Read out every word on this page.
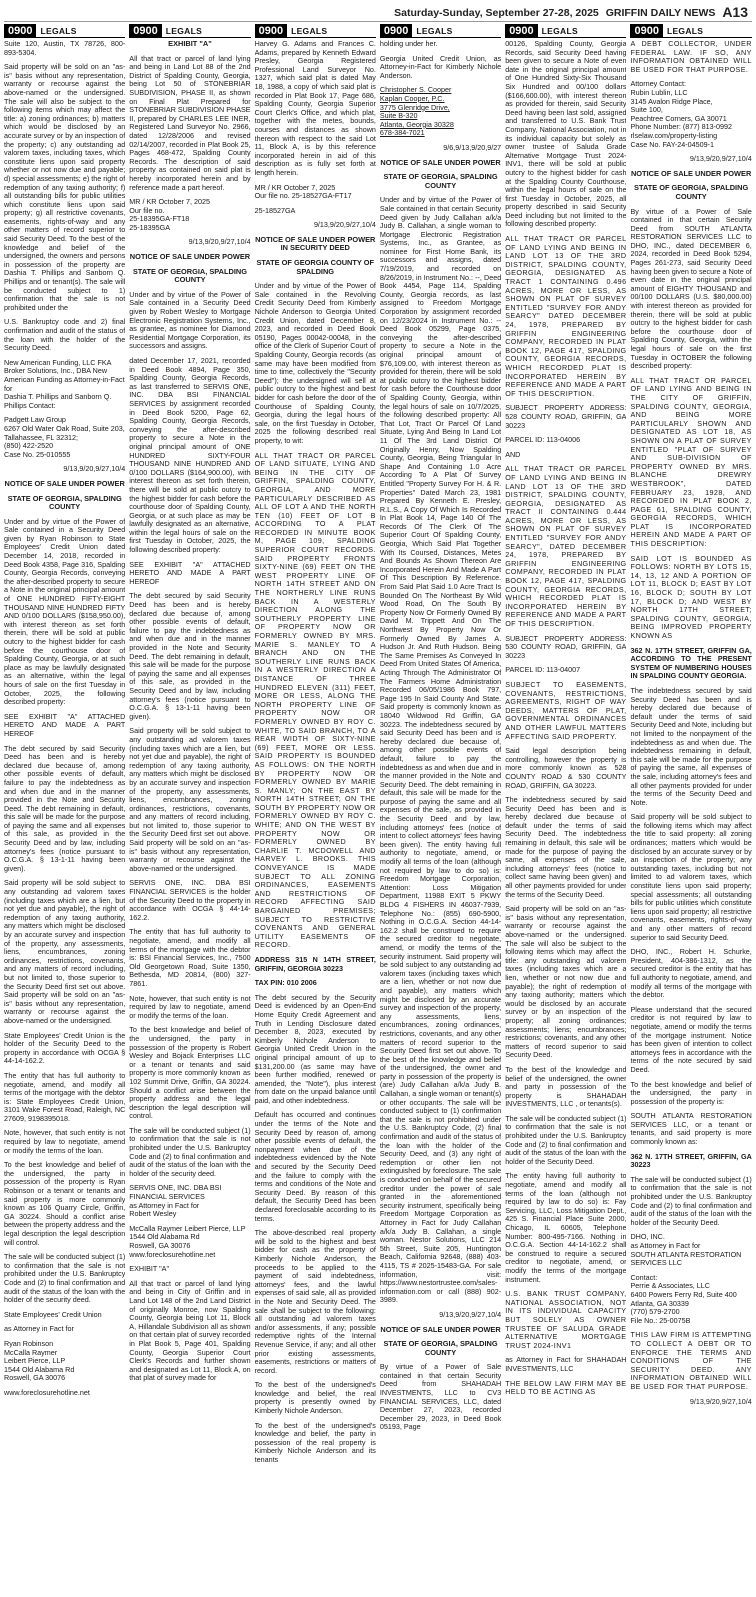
Saturday-Sunday, September 27-28, 2025 GRIFFIN DAILY NEWS A13
0900 LEGALS

Suite 120, Austin, TX 78726, 800-893-5304.

Said property will be sold on an "as-is" basis without any representation, warranty or recourse against the above-named or the undersigned. The sale will also be subject to the following items which may affect the title: a) zoning ordinances; b) matters which would be disclosed by an accurate survey or by an inspection of the property; c) any outstanding ad valorem taxes, including taxes, which constitute liens upon said property whether or not now due and payable; d) special assessments; e) the right of redemption of any taxing authority; f) all outstanding bills for public utilities which constitute liens upon said property; g) all restrictive covenants, easements, rights-of-way and any other matters of record superior to said Security Deed. To the best of the knowledge and belief of the undersigned, the owners and persons in possession of the property are Dashia T. Phillips and Sanborn Q. Phillips and or tenant(s). The sale will be conducted subject to 1) confirmation that the sale is not prohibited under the

U.S. Bankruptcy code and 2) final confirmation and audit of the status of the loan with the holder of the Security Deed.

New American Funding, LLC FKA Broker Solutions, Inc., DBA New American Funding as Attorney-in-Fact for
Dashia T. Phillips and Sanborn Q. Phillips Contact:

Padgett Law Group
6267 Old Water Oak Road, Suite 203,
Tallahassee, FL 32312;
(850) 422-2520
Case No. 25-010555

9/13,9/20,9/27,10/4

NOTICE OF SALE UNDER POWER

STATE OF GEORGIA, SPALDING COUNTY

Under and by virtue of the Power of Sale contained in a Security Deed given by Ryan Robinson to State Employees' Credit Union dated December 14, 2018, recorded in Deed Book 4358, Page 316, Spalding County, Georgia Records, conveying the after-described property to secure a Note in the original principal amount of ONE HUNDRED FIFTY-EIGHT THOUSAND NINE HUNDRED FIFTY AND 0/100 DOLLARS ($158,950.00), with interest thereon as set forth therein, there will be sold at public outcry to the highest bidder for cash before the courthouse door of Spalding County, Georgia, or at such place as may be lawfully designated as an alternative, within the legal hours of sale on the first Tuesday in October, 2025, the following described property:

SEE EXHIBIT "A" ATTACHED HERETO AND MADE A PART HEREOF

The debt secured by said Security Deed has been and is hereby declared due because of, among other possible events of default, failure to pay the indebtedness as and when due and in the manner provided in the Note and Security Deed. The debt remaining in default, this sale will be made for the purpose of paying the same and all expenses of this sale, as provided in the Security Deed and by law, including attorney's fees (notice pursuant to O.C.G.A. § 13-1-11 having been given).

Said property will be sold subject to any outstanding ad valorem taxes (including taxes which are a lien, but not yet due and payable), the right of redemption of any taxing authority, any matters which might be disclosed by an accurate survey and inspection of the property, any assessments, liens, encumbrances, zoning ordinances, restrictions, covenants, and any matters of record including, but not limited to, those superior to the Security Deed first set out above. Said property will be sold on an "as-is" basis without any representation, warranty or recourse against the above-named or the undersigned.

State Employees' Credit Union is the holder of the Security Deed to the property in accordance with OCGA § 44-14-162.2.

The entity that has full authority to negotiate, amend, and modify all terms of the mortgage with the debtor is: State Employees Credit Union, 3101 Wake Forest Road, Raleigh, NC 27609, 9198395018.

Note, however, that such entity is not required by law to negotiate, amend or modify the terms of the loan.

To the best knowledge and belief of the undersigned, the party in possession of the property is Ryan Robinson or a tenant or tenants and said property is more commonly known as 106 Quarry Circle, Griffin, GA 30224. Should a conflict arise between the property address and the legal description the legal description will control.

The sale will be conducted subject (1) to confirmation that the sale is not prohibited under the U.S. Bankruptcy Code and (2) to final confirmation and audit of the status of the loan with the holder of the security deed.

State Employees' Credit Union

as Attorney in Fact for

Ryan Robinson
McCalla Raymer
Leibert Pierce, LLP
1544 Old Alabama Rd
Roswell, GA 30076

www.foreclosurehotline.net

0900 LEGALS

EXHIBIT "A"

All that tract or parcel of land lying and being in Land Lot 88 of the 2nd District of Spalding County, Georgia, being Lot 50 of STONEBRIAR SUBDIVISION, PHASE II, as shown on Final Plat Prepared for STONEBRIAR SUBDIVISION PHASE II, prepared by CHARLES LEE INER, Registered Land Surveyor No. 2966, dated 12/28/2006 and revised 02/14/2007, recorded in Plat Book 25, Pages 468-472, Spalding County Records. The description of said property as contained on said plat is hereby incorporated herein and by reference made a part hereof.

MR / KR October 7, 2025
Our file no.
25-18395GA-FT18
25-18395GA

9/13,9/20,9/27,10/4

NOTICE OF SALE UNDER POWER

STATE OF GEORGIA, SPALDING COUNTY

Under and by virtue of the Power of Sale contained in a Security Deed given by Robert Wesley to Mortgage Electronic Registration Systems, Inc., as grantee, as nominee for Diamond Residential Mortgage Corporation, its successors and assigns.

dated December 17, 2021, recorded in Deed Book 4894, Page 350, Spalding County, Georgia Records, as last transferred to SERVIS ONE, INC. DBA BSI FINANCIAL SERVICES by assignment recorded in Deed Book 5200, Page 62, Spalding County, Georgia Records, conveying the after-described property to secure a Note in the original principal amount of ONE HUNDRED SIXTY-FOUR THOUSAND NINE HUNDRED AND 0/100 DOLLARS ($164,900.00), with interest thereon as set forth therein, there will be sold at public outcry to the highest bidder for cash before the courthouse door of Spalding County, Georgia, or at such place as may be lawfully designated as an alternative, within the legal hours of sale on the first Tuesday in October, 2025, the following described property:

SEE EXHIBIT "A" ATTACHED HERETO AND MADE A PART HEREOF

The debt secured by said Security Deed has been and is hereby declared due because of, among other possible events of default, failure to pay the indebtedness as and when due and in the manner provided in the Note and Security Deed. The debt remaining in default, this sale will be made for the purpose of paying the same and all expenses of this sale, as provided in the Security Deed and by law, including attorney's fees (notice pursuant to O.C.G.A. § 13-1-11 having been given).

Said property will be sold subject to any outstanding ad valorem taxes (including taxes which are a lien, but not yet due and payable), the right of redemption of any taxing authority, any matters which might be disclosed by an accurate survey and inspection of the property, any assessments, liens, encumbrances, zoning ordinances, restrictions, covenants, and any matters of record including, but not limited to, those superior to the Security Deed first set out above. Said property will be sold on an "as-is" basis without any representation, warranty or recourse against the above-named or the undersigned.

SERVIS ONE, INC. DBA BSI FINANCIAL SERVICES is the holder of the Security Deed to the property in accordance with OCGA § 44-14-162.2.

The entity that has full authority to negotiate, amend, and modify all terms of the mortgage with the debtor is: BSI Financial Services, Inc., 7500 Old Georgetown Road, Suite 1350, Bethesda, MD 20814, (800) 327-7861.

Note, however, that such entity is not required by law to negotiate, amend or modify the terms of the loan.

To the best knowledge and belief of the undersigned, the party in possession of the property is Robert Wesley and Bojack Enterprises LLC or a tenant or tenants and said property is more commonly known as 102 Summit Drive, Griffin, GA 30224. Should a conflict arise between the property address and the legal description the legal description will control.

The sale will be conducted subject (1) to confirmation that the sale is not prohibited under the U.S. Bankruptcy Code and (2) to final confirmation and audit of the status of the loan with the holder of the security deed.

SERVIS ONE, INC. DBA BSI FINANCIAL SERVICES
as Attorney in Fact for
Robert Wesley

McCalla Raymer Leibert Pierce, LLP
1544 Old Alabama Rd
Roswell, GA 30076
www.foreclosurehotline.net

EXHIBIT "A"

All that tract or parcel of land lying and being in City of Griffin and in Land Lot 148 of the 2nd Land District of originally Monroe, now Spalding County, Georgia being Lot 11, Block A, Hillandale Subdivision all as shown on that certain plat of survey recorded in Plat Book 5, Page 401, Spalding County, Georgia Superior Court Clerk's Records and further shown and designated as Lot 11, Block A, on that plat of survey made for

0900 LEGALS

Harvey G. Adams and Frances C. Adams, prepared by Kenneth Edward Presley, Georgia Registered Professional Land Surveyor No. 1327, which said plat is dated May 18, 1988, a copy of which said plat is recorded in Plat Book 17, Page 686, Spalding County, Georgia Superior Court Clerk's Office, and which plat, together with the metes, bounds, courses and distances as shown thereon with respect to the said Lot 11, Block A, is by this reference incorporated herein in aid of this description as is fully set forth at length herein.

MR / KR October 7, 2025
Our file no. 25-18527GA-FT17

25-18527GA

9/13,9/20,9/27,10/4

NOTICE OF SALE UNDER POWER IN SECURITY DEED

STATE OF GEORGIA COUNTY OF SPALDING

Under and by virtue of the Power of Sale contained in the Revolving Credit Security Deed from Kimberly Nichole Anderson to Georgia United Credit Union, dated December 8, 2023, and recorded in Deed Book 05190, Pages 00042-00048, in the office of the Clerk of Superior Court of Spalding County, Georgia records (as same may have been modified from time to time, collectively the "Security Deed"); the undersigned will sell at public outcry to the highest and best bidder for cash before the door of the Courthouse of Spalding County, Georgia, during the legal hours of sale, on the first Tuesday in October, 2025 the following described real property, to wit:

ALL THAT TRACT OR PARCEL OF LAND SITUATE, LYING AND BEING IN THE CITY OF GRIFFIN, SPALDING COUNTY, GEORGIA, AND MORE PARTICULARLY DESCRIBED AS ALL OF LOT A AND THE NORTH TEN (10) FEET OF LOT B ACCORDING TO A PLAT RECORDED IN MINUTE BOOK M, PAGE 109, SPALDING SUPERIOR COURT RECORDS. SAID PROPERTY FRONTS SIXTY-NINE (69) FEET ON THE WEST PROPERTY LINE OF NORTH 14TH STREET AND ON THE NORTHERLY LINE RUNS BACK IN A WESTERLY DIRECTION ALONG THE SOUTHERLY PROPERTY LINE OF PROPERTY NOW OR FORMERLY OWNED BY MRS. MARIE S. MANLEY TO A BRANCH AND ON THE SOUTHERLY LINE RUNS BACK IN A WESTERLY DIRECTION A DISTANCE OF THREE HUNDRED ELEVEN (311) FEET, MORE OR LESS, ALONG THE NORTH PROPERTY LINE OF PROPERTY NOW OR FORMERLY OWNED BY ROY C. WHITE, TO SAID BRANCH, TO A REAR WIDTH OF SIXTY-NINE (69) FEET, MORE OR LESS. SAID PROPERTY IS BOUNDED AS FOLLOWS: ON THE NORTH BY PROPERTY NOW OR FORMERLY OWNED BY MARIE S. MANLY; ON THE EAST BY NORTH 14TH STREET; ON THE SOUTH BY PROPERTY NOW OR FORMERLY OWNED BY ROY C. WHITE; AND ON THE WEST BY PROPERTY NOW OR FORMERLY OWNED BY CHARLIE T. MCDOWELL AND HARVEY L. BROOKS. THIS CONVEYANCE IS MADE SUBJECT TO ALL ZONING ORDINANCES, EASEMENTS AND RESTRICTIONS OF RECORD AFFECTING SAID BARGAINED PREMISES; SUBJECT TO RESTRICTIVE COVENANTS AND GENERAL UTILITY EASEMENTS OF RECORD.

ADDRESS 315 N 14TH STREET, GRIFFIN, GEORGIA 30223

TAX PIN: 010 2006

The debt secured by the Security Deed is evidenced by an Open-End Home Equity Credit Agreement and Truth in Lending Disclosure dated December 8, 2023, executed by Kimberly Nichole Anderson to Georgia United Credit Union in the original principal amount of up to $131,200.00 (as same may have been further modified, renewed or amended, the "Note"), plus interest from date on the unpaid balance until paid, and other indebtedness.

Default has occurred and continues under the terms of the Note and Security Deed by reason of, among other possible events of default, the nonpayment when due of the indebtedness evidenced by the Note and secured by the Security Deed and the failure to comply with the terms and conditions of the Note and Security Deed. By reason of this default, the Security Deed has been declared foreclosable according to its terms.

The above-described real property will be sold to the highest and best bidder for cash as the property of Kimberly Nichole Anderson, the proceeds to be applied to the payment of said indebtedness, attorneys' fees, and the lawful expenses of said sale, all as provided in the Note and Security Deed. The sale shall be subject to the following: all outstanding ad valorem taxes and/or assessments, if any; possible redemptive rights of the Internal Revenue Service, if any; and all other prior existing assessments, easements, restrictions or matters of record.

To the best of the undersigned's knowledge and belief, the real property is presently owned by Kimberly Nichole Anderson.

To the best of the undersigned's knowledge and belief, the party in possession of the real property is Kimberly Nichole Anderson and its tenants

0900 LEGALS

holding under her.

Georgia United Credit Union, as Attorney-in-Fact for Kimberly Nichole Anderson.

Christopher S. Cooper
Kaplan Cooper, P.C.
3775 Glenridge Drive,
Suite B-320
Atlanta, Georgia 30328
678-384-7021

9/6,9/13,9/20,9/27

NOTICE OF SALE UNDER POWER

STATE OF GEORGIA, SPALDING COUNTY

Under and by virtue of the Power of Sale contained in that certain Security Deed given by Judy Callahan a/k/a Judy B. Callahan, a single woman to Mortgage Electronic Registration Systems, Inc., as Grantee, as nominee for First Home Bank, its successors and assigns, dated 7/19/2019, and recorded on 8/26/2019, in Instrument No.: --, Deed Book 4454, Page 114, Spalding County, Georgia records, as last assigned to Freedom Mortgage Corporation by assignment recorded on 12/23/2024 in Instrument No.: -- Deed Book 05299, Page 0375, conveying the after-described property to secure a Note in the original principal amount of $76,109.00, with interest thereon as provided for therein, there will be sold at public outcry to the highest bidder for cash before the Courthouse door of Spalding County, Georgia, within the legal hours of sale on 10/7/2025, the following described property: All That Lot, Tract Or Parcel Of Land Situate, Lying And Being In Land Lot 11 Of The 3rd Land District Of Originally Henry, Now Spalding County, Georgia, Being Triangular In Shape And Containing 1.0 Acre According To A Plat Of Survey Entitled "Property Survey For H. & R. Properties" Dated March 23, 1981 Prepared By Kenneth E. Presley, R.L.S., A Copy Of Which Is Recorded In Plat Book 14, Page 140 Of The Records Of The Clerk Of The Superior Court Of Spalding County, Georgia, Which Said Plat Together With Its Coursed, Distances, Metes And Bounds As Shown Thereon Are Incorporated Herein And Made A Part Of This Description By Reference. From Said Plat Said 1.0 Acre Tract Is Bounded On The Northeast By Wild Wood Road, On The South By Property Now Or Formerly Owned By David M. Trippett And On The Northwest By Property Now Or Formerly Owned By James A. Hudson Jr. And Ruth Hudson. Being The Same Premises As Conveyed In Deed From United States Of America, Acting Through The Administrator Of The Farmers Home Administration Recorded 06/05/1986 Book 797, Page 195 In Said County And State. Said property is commonly known as 18040 Wildwood Rd Griffin, GA 30223. The indebtedness secured by said Security Deed has been and is hereby declared due because of, among other possible events of default, failure to pay the indebtedness as and when due and in the manner provided in the Note and Security Deed. The debt remaining in default, this sale will be made for the purpose of paying the same and all expenses of the sale, as provided in the Security Deed and by law, including attorneys' fees (notice of intent to collect attorneys' fees having been given). The entity having full authority to negotiate, amend, or modify all terms of the loan (although not required by law to do so) is: Freedom Mortgage Corporation, Attention: Loss Mitigation Department, 11988 EXIT 5 PKWY BLDG 4 FISHERS IN 46037-7939, Telephone No.: (855) 690-5900, Nothing in O.C.G.A. Section 44-14-162.2 shall be construed to require the secured creditor to negotiate, amend, or modify the terms of the security instrument. Said property will be sold subject to any outstanding ad valorem taxes (including taxes which are a lien, whether or not now due and payable), any matters which might be disclosed by an accurate survey and inspection of the property, any assessments, liens, encumbrances, zoning ordinances, restrictions, covenants, and any other matters of record superior to the Security Deed first set out above. To the best of the knowledge and belief of the undersigned, the owner and party in possession of the property is (are) Judy Callahan a/k/a Judy B. Callahan, a single woman or tenant(s) or other occupants. The sale will be conducted subject to (1) confirmation that the sale is not prohibited under the U.S. Bankruptcy Code, (2) final confirmation and audit of the status of the loan with the holder of the Security Deed, and (3) any right of redemption or other lien not extinguished by foreclosure. The sale is conducted on behalf of the secured creditor under the power of sale granted in the aforementioned security instrument, specifically being Freedom Mortgage Corporation as Attorney in Fact for Judy Callahan a/k/a Judy B. Callahan, a single woman. Nestor Solutions, LLC 214 5th Street, Suite 205, Huntington Beach, California 92648, (888) 403-4115, TS # 2025-15483-GA. For sale information, visit: https://www.nestortrustee.com/sales-information.com or call (888) 902-3989.

9/13,9/20,9/27,10/4

NOTICE OF SALE UNDER POWER

STATE OF GEORGIA, SPALDING COUNTY

By virtue of a Power of Sale contained in that certain Security Deed from SHAHADAH INVESTMENTS, LLC to CV3 FINANCIAL SERVICES, LLC, dated December 27, 2023, recorded December 29, 2023, in Deed Book 05193, Page

0900 LEGALS

00126, Spalding County, Georgia Records, said Security Deed having been given to secure a Note of even date in the original principal amount of One Hundred Sixty-Six Thousand Six Hundred and 00/100 dollars ($166,600.00), with interest thereon as provided for therein, said Security Deed having been last sold, assigned and transferred to U.S. Bank Trust Company, National Association, not in its individual capacity but solely as owner trustee of Saluda Grade Alternative Mortgage Trust 2024-INV1, there will be sold at public outcry to the highest bidder for cash at the Spalding County Courthouse, within the legal hours of sale on the first Tuesday in October, 2025, all property described in said Security Deed including but not limited to the following described property:

ALL THAT TRACT OR PARCEL OF LAND LYING AND BEING IN LAND LOT 13 OF THE 3RD DISTRICT, SPALDING COUNTY, GEORGIA, DESIGNATED AS TRACT 1 CONTAINING 0.496 ACRES, MORE OR LESS, AS SHOWN ON PLAT OF SURVEY ENTITLED "SURVEY FOR ANDY SEARCY" DATED DECEMBER 24, 1978, PREPARED BY GRIFFIN ENGINEERING COMPANY, RECORDED IN PLAT BOOK 12, PAGE 417, SPALDING COUNTY, GEORGIA RECORDS, WHICH RECORDED PLAT IS INCORPORATED HEREIN BY REFERENCE AND MADE A PART OF THIS DESCRIPTION.

SUBJECT PROPERTY ADDRESS: 528 COUNTY ROAD, GRIFFIN, GA 30223

PARCEL ID: 113-04006

AND

ALL THAT TRACT OR PARCEL OF LAND LYING AND BEING IN LAND LOT 13 OF THE 3RD DISTRICT, SPALDING COUNTY, GEORGIA, DESIGNATED AS TRACT II CONTAINING 0.444 ACRES, MORE OR LESS, AS SHOWN ON PLAT OF SURVEY ENTITLED "SURVEY FOR ANDY SEARCY", DATED DECEMBER 24, 1978, PREPARED BY GRIFFIN ENGINEERING COMPANY, RECORDED IN PLAT BOOK 12, PAGE 417, SPALDING COUNTY, GEORGIA RECORDS, WHICH RECORDED PLAT IS INCORPORATED HEREIN BY REFERENCE AND MADE A PART OF THIS DESCRIPTION.

SUBJECT PROPERTY ADDRESS: 530 COUNTY ROAD, GRIFFIN, GA 30223

PARCEL ID: 113-04007

SUBJECT TO EASEMENTS, COVENANTS, RESTRICTIONS, AGREEMENTS, RIGHT OF WAY DEEDS, MATTERS OF PLAT, GOVERNMENTAL ORDINANCES AND OTHER LAWFUL MATTERS AFFECTING SAID PROPERTY.

Said legal description being controlling, however the property is more commonly known as 528 COUNTY ROAD & 530 COUNTY ROAD, GRIFFIN, GA 30223.

The indebtedness secured by said Security Deed has been and is hereby declared due because of default under the terms of said Security Deed. The indebtedness remaining in default, this sale will be made for the purpose of paying the same, all expenses of the sale, including attorneys' fees (notice to collect same having been given) and all other payments provided for under the terms of the Security Deed.

Said property will be sold on an "as-is" basis without any representation, warranty or recourse against the above-named or the undersigned. The sale will also be subject to the following items which may affect the title: any outstanding ad valorem taxes (including taxes which are a lien, whether or not now due and payable); the right of redemption of any taxing authority; matters which would be disclosed by an accurate survey or by an inspection of the property; all zoning ordinances; assessments; liens; encumbrances; restrictions; covenants, and any other matters of record superior to said Security Deed.

To the best of the knowledge and belief of the undersigned, the owner and party in possession of the property is SHAHADAH INVESTMENTS, LLC , or tenants(s).

The sale will be conducted subject (1) to confirmation that the sale is not prohibited under the U.S. Bankruptcy Code and (2) to final confirmation and audit of the status of the loan with the holder of the Security Deed.

The entity having full authority to negotiate, amend and modify all terms of the loan (although not required by law to do so) is: Fay Servicing, LLC, Loss Mitigation Dept., 425 S. Financial Place Suite 2000, Chicago, IL 60605, Telephone Number: 800-495-7166. Nothing in O.C.G.A. Section 44-14-162.2 shall be construed to require a secured creditor to negotiate, amend, or modify the terms of the mortgage instrument.

U.S. BANK TRUST COMPANY, NATIONAL ASSOCIATION, NOT IN ITS INDIVIDUAL CAPACITY BUT SOLELY AS OWNER TRUSTEE OF SALUDA GRADE ALTERNATIVE MORTGAGE TRUST 2024-INV1

as Attorney in Fact for SHAHADAH INVESTMENTS, LLC

THE BELOW LAW FIRM MAY BE HELD TO BE ACTING AS

0900 LEGALS

A DEBT COLLECTOR, UNDER FEDERAL LAW. IF SO, ANY INFORMATION OBTAINED WILL BE USED FOR THAT PURPOSE.

Attorney Contact:
Rubin Lublin, LLC
3145 Avalon Ridge Place,
Suite 100,
Peachtree Corners, GA 30071
Phone Number: (877) 813-0992
rlselaw.com/property-listing
Case No. FAY-24-04509-1

9/13,9/20,9/27,10/4

NOTICE OF SALE UNDER POWER

STATE OF GEORGIA, SPALDING COUNTY

By virtue of a Power of Sale contained in that certain Security Deed from SOUTH ATLANTA RESTORATION SERVICES LLC to DHO, INC., dated DECEMBER 6, 2024, recorded in Deed Book 5294, Pages 261-273, said Security Deed having been given to secure a Note of even date in the original principal amount of EIGHTY THOUSAND and 00/100 DOLLARS (U.S. $80,000.00) with interest thereon as provided for therein, there will be sold at public outcry to the highest bidder for cash before the courthouse door of Spalding County, Georgia, within the legal hours of sale on the first Tuesday in OCTOBER the following described property:

ALL THAT TRACT OR PARCEL OF LAND LYING AND BEING IN THE CITY OF GRIFFIN, SPALDING COUNTY, GEORGIA, AND BEING MORE PARTICULARLY SHOWN AND DESIGNATED AS LOT 18, AS SHOWN ON A PLAT OF SURVEY ENTITLED "PLAT OF SURVEY AND SUB-DIVISION OF PROPERTY OWNED BY MRS. BLANCHE DREWRY WESTBROOK", DATED FEBRUARY 23, 1928, AND RECORDED IN PLAT BOOK 2, PAGE 61, SPALDING COUNTY, GEORGIA RECORDS, WHICH PLAT IS INCORPORATED HEREIN AND MADE A PART OF THIS DESCRIPTION:

SAID LOT IS BOUNDED AS FOLLOWS: NORTH BY LOTS 15, 14, 13, 12 AND A PORTION OF LOT 11, BLOCK D; EAST BY LOT 16, BLOCK D; SOUTH BY LOT 17, BLOCK D; AND WEST BY NORTH 17TH STREET; SPALDING COUNTY, GEORGIA, BEING IMPROVED PROPERTY KNOWN AS

362 N. 17TH STREET, GRIFFIN GA, ACCORDING TO THE PRESENT SYSTEM OF NUMBERING HOUSES IN SPALDING COUNTY GEORGIA.

The indebtedness secured by said Security Deed has been and is hereby declared due because of default under the terms of said Security Deed and Note, including but not limited to the nonpayment of the indebtedness as and when due. The indebtedness remaining in default, this sale will be made for the purpose of paying the same, all expenses of the sale, including attorney's fees and all other payments provided for under the terms of the Security Deed and Note.

Said property will be sold subject to the following items which may affect the title to said property: all zoning ordinances; matters which would be disclosed by an accurate survey or by an inspection of the property; any outstanding taxes, including but not limited to ad valorem taxes, which constitute liens upon said property; special assessments; all outstanding bills for public utilities which constitute liens upon said property; all restrictive covenants, easements, rights-of-way and any other matters of record superior to said Security Deed.

DHO, INC., Robert H. Schurke, President, 404-386-1312, as the secured creditor is the entity that has full authority to negotiate, amend, and modify all terms of the mortgage with the debtor.

Please understand that the secured creditor is not required by law to negotiate, amend or modify the terms of the mortgage instrument. Notice has been given of intention to collect attorneys fees in accordance with the terms of the note secured by said Deed.

To the best knowledge and belief of the undersigned, the party in possession of the property is:

SOUTH ATLANTA RESTORATION SERVICES LLC, or a tenant or tenants, and said property is more commonly known as:

362 N. 17TH STREET, GRIFFIN, GA 30223

The sale will be conducted subject (1) to confirmation that the sale is not prohibited under the U.S. Bankruptcy Code and (2) to final confirmation and audit of the status of the loan with the holder of the Security Deed.

DHO, INC.
as Attorney in Fact for
SOUTH ATLANTA RESTORATION SERVICES LLC

Contact:
Perrie & Associates, LLC
6400 Powers Ferry Rd, Suite 400
Atlanta, GA 30339
(770) 579-2700
File No.: 25-0075B

THIS LAW FIRM IS ATTEMPTING TO COLLECT A DEBT OR TO ENFORCE THE TERMS AND CONDITIONS OF THE SECURITY DEED. ANY INFORMATION OBTAINED WILL BE USED FOR THAT PURPOSE.

9/13,9/20,9/27,10/4
